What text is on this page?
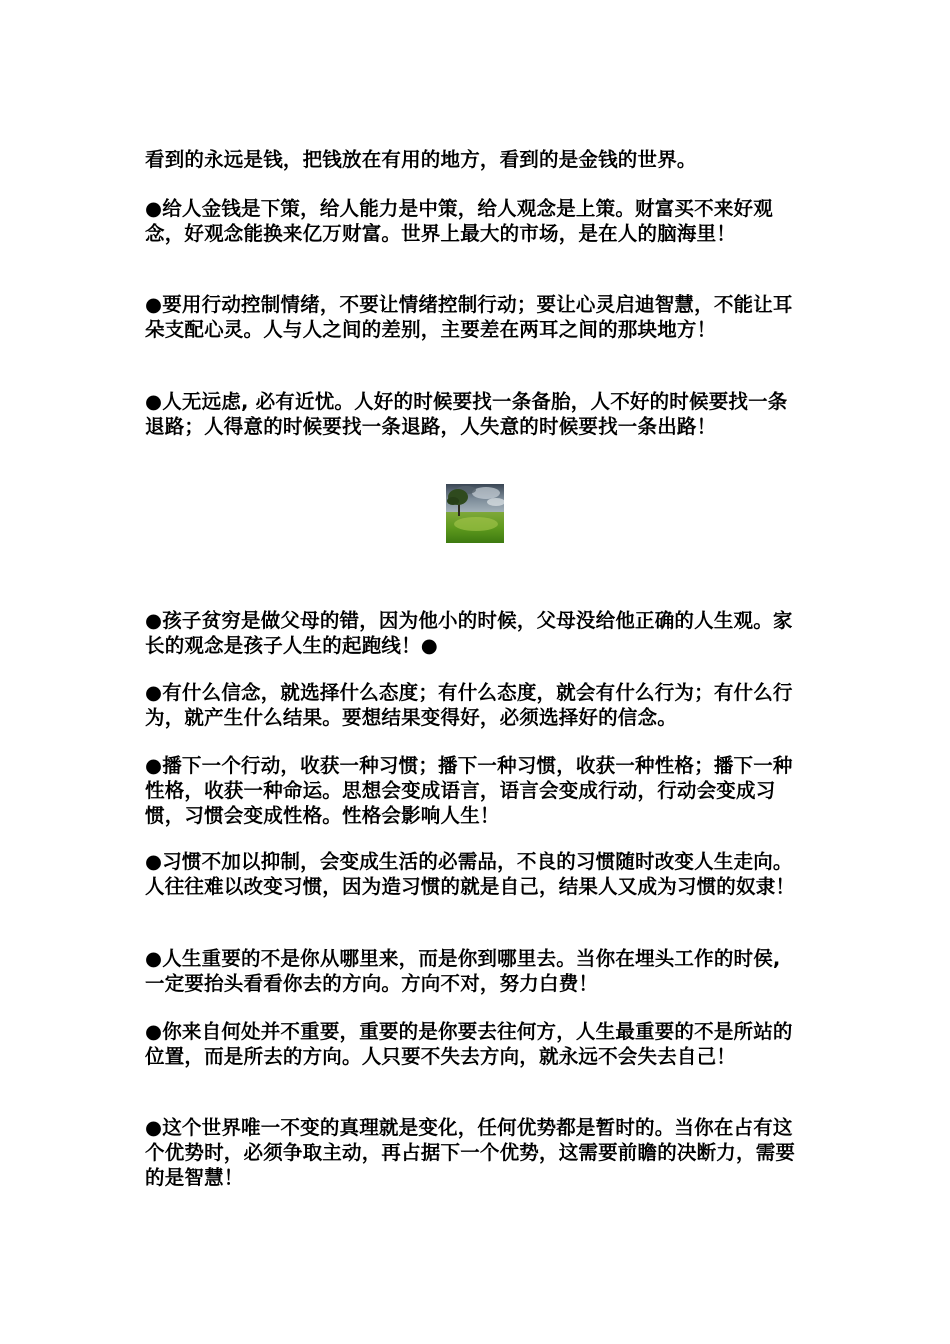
看到的永远是钱，把钱放在有用的地方，看到的是金钱的世界。

●给人金钱是下策，给人能力是中策，给人观念是上策。财富买不来好观念，好观念能换来亿万财富。世界上最大的市场，是在人的脑海里！

●要用行动控制情绪，不要让情绪控制行动；要让心灵启迪智慧，不能让耳朵支配心灵。人与人之间的差别，主要差在两耳之间的那块地方！

●人无远虑, 必有近忧。人好的时候要找一条备胎，人不好的时候要找一条退路；人得意的时候要找一条退路，人失意的时候要找一条出路！

●孩子贫穷是做父母的错，因为他小的时候，父母没给他正确的人生观。家长的观念是孩子人生的起跑线！●

●有什么信念，就选择什么态度；有什么态度，就会有什么行为；有什么行为，就产生什么结果。要想结果变得好，必须选择好的信念。

●播下一个行动，收获一种习惯；播下一种习惯，收获一种性格；播下一种性格，收获一种命运。思想会变成语言，语言会变成行动，行动会变成习惯，习惯会变成性格。性格会影响人生！

●习惯不加以抑制，会变成生活的必需品，不良的习惯随时改变人生走向。人往往难以改变习惯，因为造习惯的就是自己，结果人又成为习惯的奴隶！

●人生重要的不是你从哪里来，而是你到哪里去。当你在埋头工作的时侯, 一定要抬头看看你去的方向。方向不对，努力白费！

●你来自何处并不重要，重要的是你要去往何方，人生最重要的不是所站的位置，而是所去的方向。人只要不失去方向，就永远不会失去自己！

●这个世界唯一不变的真理就是变化，任何优势都是暂时的。当你在占有这个优势时，必须争取主动，再占据下一个优势，这需要前瞻的决断力，需要的是智慧！
